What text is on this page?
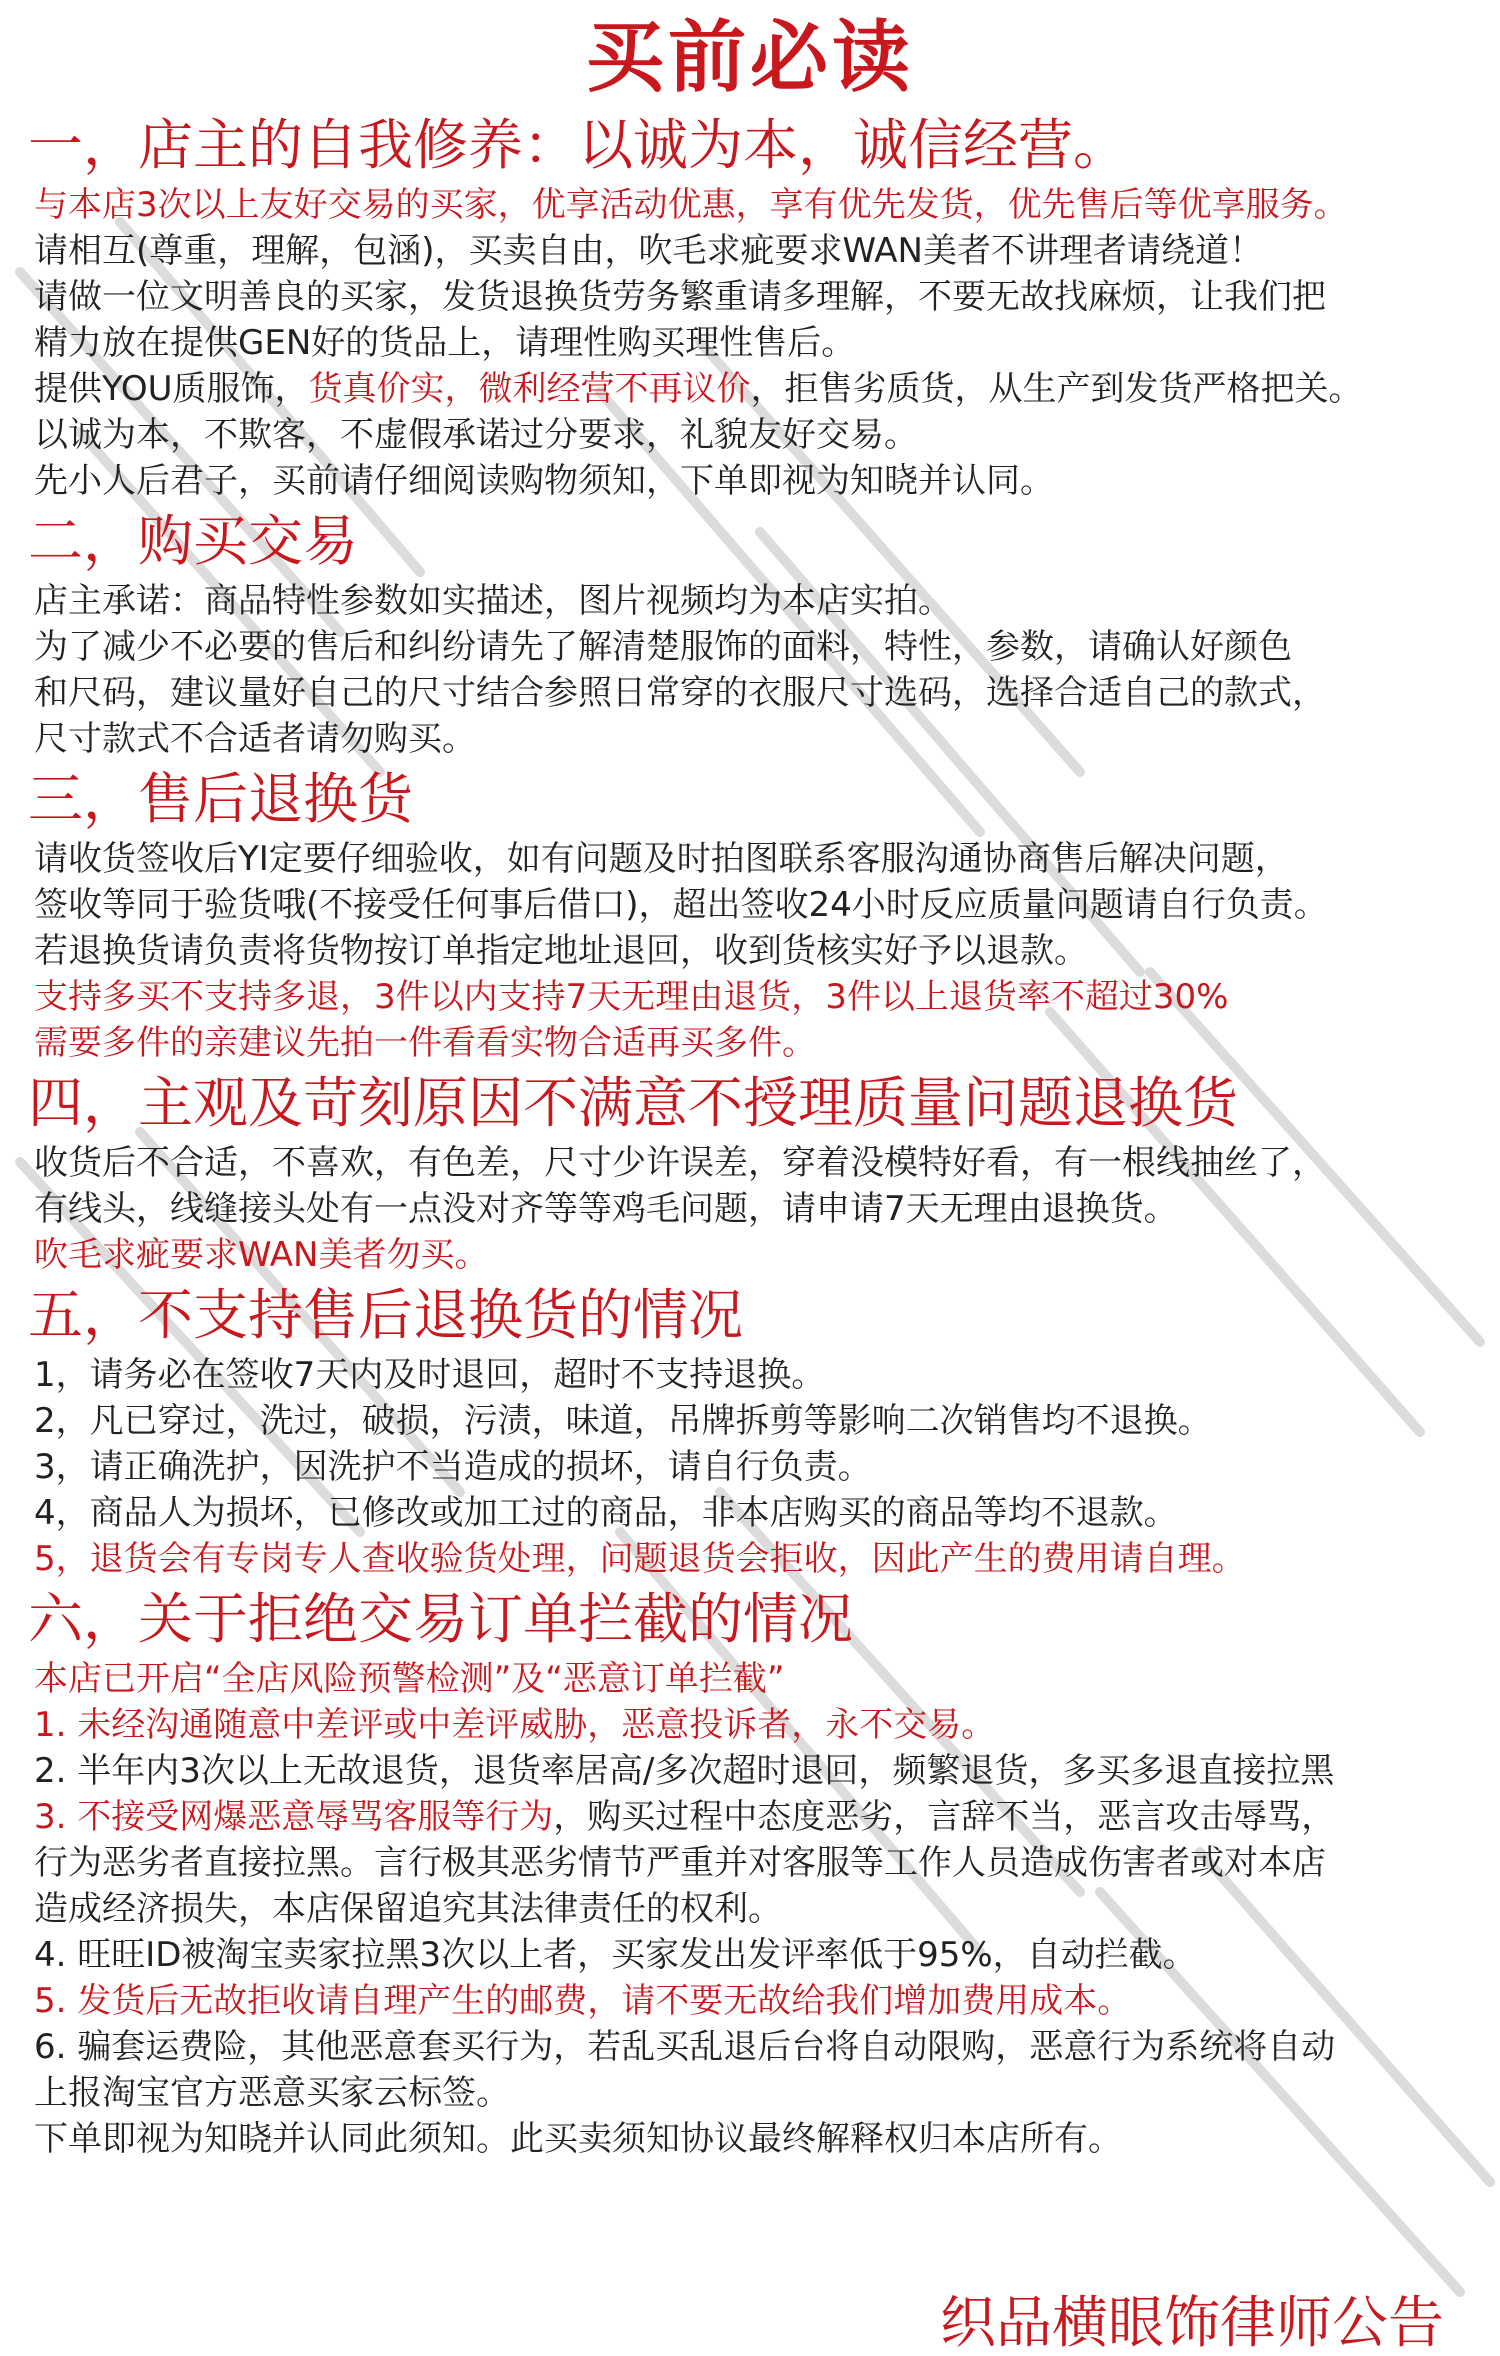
买前必读
一，店主的自我修养：以诚为本，诚信经营。
与本店3次以上友好交易的买家，优享活动优惠，享有优先发货，优先售后等优享服务。
请相互(尊重，理解，包涵)，买卖自由，吹毛求疵要求WAN美者不讲理者请绕道！
请做一位文明善良的买家，发货退换货劳务繁重请多理解，不要无故找麻烦，让我们把
精力放在提供GEN好的货品上，请理性购买理性售后。
提供YOU质服饰，货真价实，微利经营不再议价，拒售劣质货，从生产到发货严格把关。
以诚为本，不欺客，不虚假承诺过分要求，礼貌友好交易。
先小人后君子，买前请仔细阅读购物须知，下单即视为知晓并认同。
二，购买交易
店主承诺：商品特性参数如实描述，图片视频均为本店实拍。
为了减少不必要的售后和纠纷请先了解清楚服饰的面料，特性，参数，请确认好颜色
和尺码，建议量好自己的尺寸结合参照日常穿的衣服尺寸选码，选择合适自己的款式，
尺寸款式不合适者请勿购买。
三，售后退换货
请收货签收后YI定要仔细验收，如有问题及时拍图联系客服沟通协商售后解决问题，
签收等同于验货哦(不接受任何事后借口)，超出签收24小时反应质量问题请自行负责。
若退换货请负责将货物按订单指定地址退回，收到货核实好予以退款。
支持多买不支持多退，3件以内支持7天无理由退货，3件以上退货率不超过30%
需要多件的亲建议先拍一件看看实物合适再买多件。
四，主观及苛刻原因不满意不授理质量问题退换货
收货后不合适，不喜欢，有色差，尺寸少许误差，穿着没模特好看，有一根线抽丝了，
有线头，线缝接头处有一点没对齐等等鸡毛问题，请申请7天无理由退换货。
吹毛求疵要求WAN美者勿买。
五，不支持售后退换货的情况
1，请务必在签收7天内及时退回，超时不支持退换。
2，凡已穿过，洗过，破损，污渍，味道，吊牌拆剪等影响二次销售均不退换。
3，请正确洗护，因洗护不当造成的损坏，请自行负责。
4，商品人为损坏，已修改或加工过的商品，非本店购买的商品等均不退款。
5，退货会有专岗专人查收验货处理，问题退货会拒收，因此产生的费用请自理。
六，关于拒绝交易订单拦截的情况
本店已开启“全店风险预警检测”及“恶意订单拦截”
1. 未经沟通随意中差评或中差评威胁，恶意投诉者，永不交易。
2. 半年内3次以上无故退货，退货率居高/多次超时退回，频繁退货，多买多退直接拉黑
3. 不接受网爆恶意辱骂客服等行为，购买过程中态度恶劣，言辞不当，恶言攻击辱骂，
行为恶劣者直接拉黑。言行极其恶劣情节严重并对客服等工作人员造成伤害者或对本店
造成经济损失，本店保留追究其法律责任的权利。
4. 旺旺ID被淘宝卖家拉黑3次以上者，买家发出发评率低于95%，自动拦截。
5. 发货后无故拒收请自理产生的邮费，请不要无故给我们增加费用成本。
6. 骗套运费险，其他恶意套买行为，若乱买乱退后台将自动限购，恶意行为系统将自动
上报淘宝官方恶意买家云标签。
下单即视为知晓并认同此须知。此买卖须知协议最终解释权归本店所有。
织品横眼饰律师公告
